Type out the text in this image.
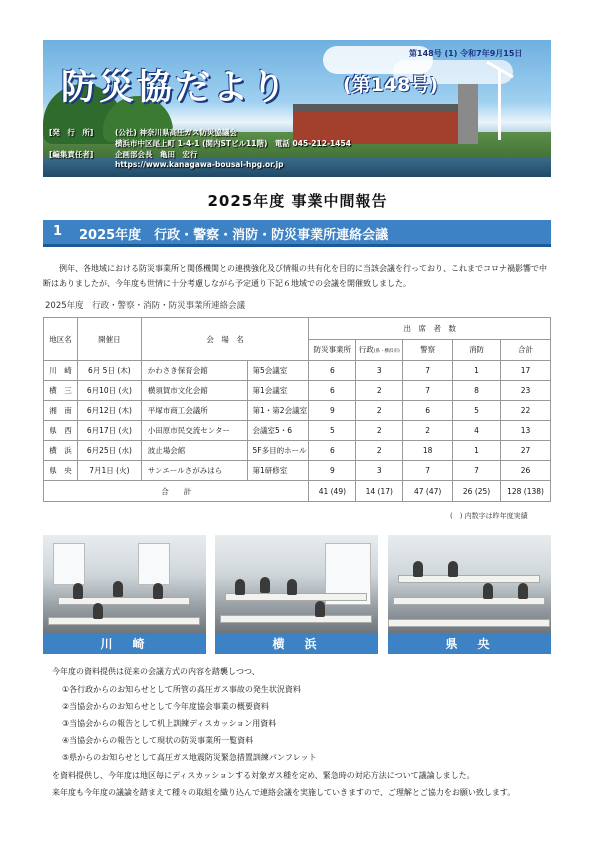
第148号 (1) 令和7年9月15日
防災協だより	(第148号)
[発　行　所]	(公社) 神奈川県高圧ガス防災協議会
横浜市中区尾上町 1-4-1 (関内STビル11階)　電話 045-212-1454
[編集責任者]	企画部会長　亀田　宏行
https://www.kanagawa-bousai-hpg.or.jp
2025年度 事業中間報告
1 2025年度　行政・警察・消防・防災事業所連絡会議
例年、各地域における防災事業所と関係機関との連携強化及び情報の共有化を目的に当該会議を行っており、これまでコロナ禍影響で中断はありましたが、今年度も世情に十分考慮しながら予定通り下記６地域での会議を開催致しました。
2025年度　行政・警察・消防・防災事業所連絡会議
地区名	開催日	会　場　名		出　席　者　数				
				防災事業所	行政(県・横浜市)	警察	消防	合計
川　崎	6月 5日 (木)	かわさき保育会館	第5会議室	6	3	7	1	17
横　三	6月10日 (火)	横須賀市文化会館	第1会議室	6	2	7	8	23
湘　南	6月12日 (木)	平塚市商工会議所	第1・第2会議室	9	2	6	5	22
県　西	6月17日 (火)	小田原市民交流センター	会議室5・6	5	2	2	4	13
横　浜	6月25日 (水)	波止場会館	5F多目的ホール	6	2	18	1	27
県　央	7月1日 (火)	サンエールさがみはら	第1研修室	9	3	7	7	26
合　　計				41 (49)	14 (17)	47 (47)	26 (25)	128 (138)
(　) 内数字は昨年度実績
川　崎	横　浜	県　央
今年度の資料提供は従来の会議方式の内容を踏襲しつつ、
①各行政からのお知らせとして所管の高圧ガス事故の発生状況資料
②当協会からのお知らせとして今年度協会事業の概要資料
③当協会からの報告として机上訓練ディスカッション用資料
④当協会からの報告として現状の防災事業所一覧資料
⑤県からのお知らせとして高圧ガス地震防災緊急措置訓練パンフレット
を資料提供し、今年度は地区毎にディスカッションする対象ガス種を定め、緊急時の対応方法について議論しました。
来年度も今年度の議論を踏まえて種々の取組を織り込んで連絡会議を実施していきますので、ご理解とご協力をお願い致します。
